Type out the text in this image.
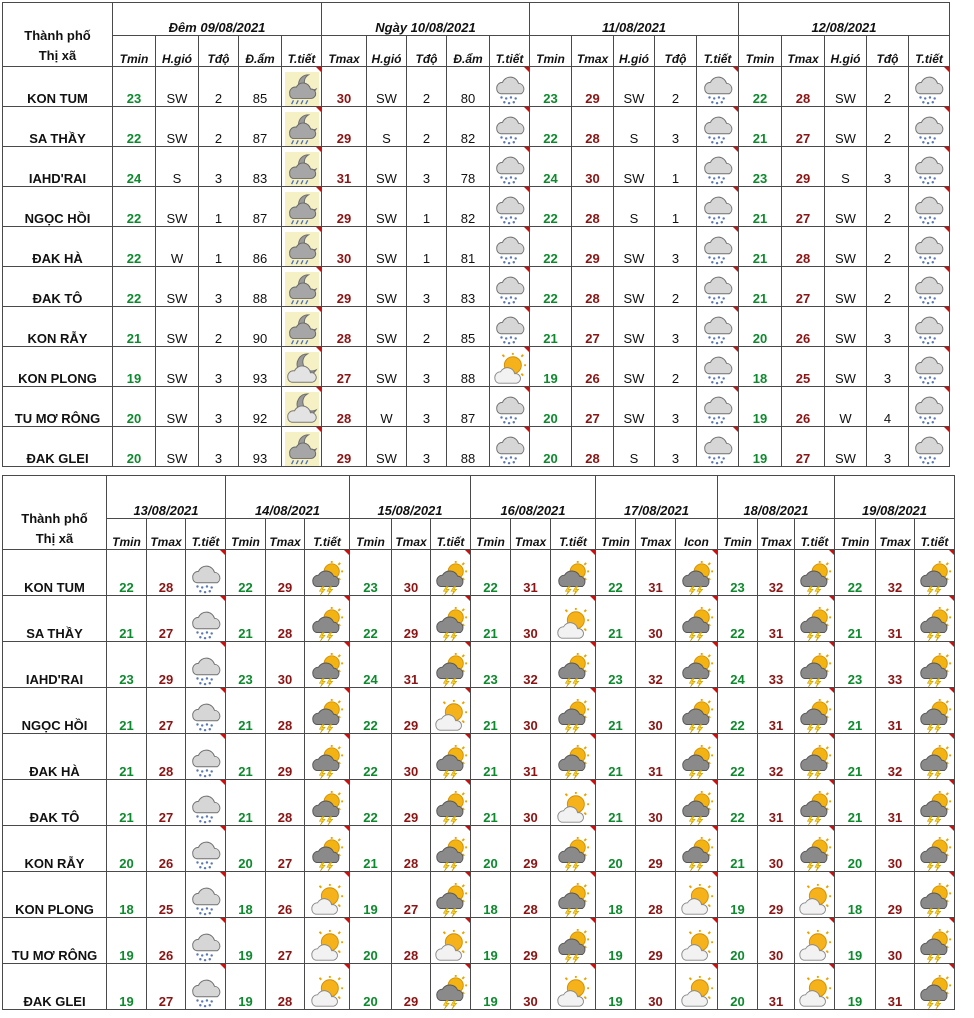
Thành phố
Thị xã	Đêm 09/08/2021					Ngày 10/08/2021					11/08/2021					12/08/2021				
	Tmin	H.gió	Tđộ	Đ.ẩm	T.tiết	Tmax	H.gió	Tđộ	Đ.ẩm	T.tiết	Tmin	Tmax	H.gió	Tđộ	T.tiết	Tmin	Tmax	H.gió	Tđộ	T.tiết
KON TUM	23	SW	2	85		30	SW	2	80		23	29	SW	2		22	28	SW	2	

SA THẦY	22	SW	2	87		29	S	2	82		22	28	S	3		21	27	SW	2	

IAHD'RAI	24	S	3	83		31	SW	3	78		24	30	SW	1		23	29	S	3	

NGỌC HỒI	22	SW	1	87		29	SW	1	82		22	28	S	1		21	27	SW	2	

ĐAK HÀ	22	W	1	86		30	SW	1	81		22	29	SW	3		21	28	SW	2	

ĐAK TÔ	22	SW	3	88		29	SW	3	83		22	28	SW	2		21	27	SW	2	

KON RẪY	21	SW	2	90		28	SW	2	85		21	27	SW	3		20	26	SW	3	

KON PLONG	19	SW	3	93		27	SW	3	88		19	26	SW	2		18	25	SW	3	

TU MƠ RÔNG	20	SW	3	92		28	W	3	87		20	27	SW	3		19	26	W	4	

ĐAK GLEI	20	SW	3	93		29	SW	3	88		20	28	S	3		19	27	SW	3	
Thành phố
Thị xã	13/08/2021			14/08/2021			15/08/2021			16/08/2021			17/08/2021			18/08/2021			19/08/2021		
	Tmin	Tmax	T.tiết	Tmin	Tmax	T.tiết	Tmin	Tmax	T.tiết	Tmin	Tmax	T.tiết	Tmin	Tmax	Icon	Tmin	Tmax	T.tiết	Tmin	Tmax	T.tiết
KON TUM	22	28		22	29		23	30		22	31		22	31		23	32		22	32	

SA THẦY	21	27		21	28		22	29		21	30		21	30		22	31		21	31	

IAHD'RAI	23	29		23	30		24	31		23	32		23	32		24	33		23	33	

NGỌC HỒI	21	27		21	28		22	29		21	30		21	30		22	31		21	31	

ĐAK HÀ	21	28		21	29		22	30		21	31		21	31		22	32		21	32	

ĐAK TÔ	21	27		21	28		22	29		21	30		21	30		22	31		21	31	

KON RẪY	20	26		20	27		21	28		20	29		20	29		21	30		20	30	

KON PLONG	18	25		18	26		19	27		18	28		18	28		19	29		18	29	

TU MƠ RÔNG	19	26		19	27		20	28		19	29		19	29		20	30		19	30	

ĐAK GLEI	19	27		19	28		20	29		19	30		19	30		20	31		19	31	
